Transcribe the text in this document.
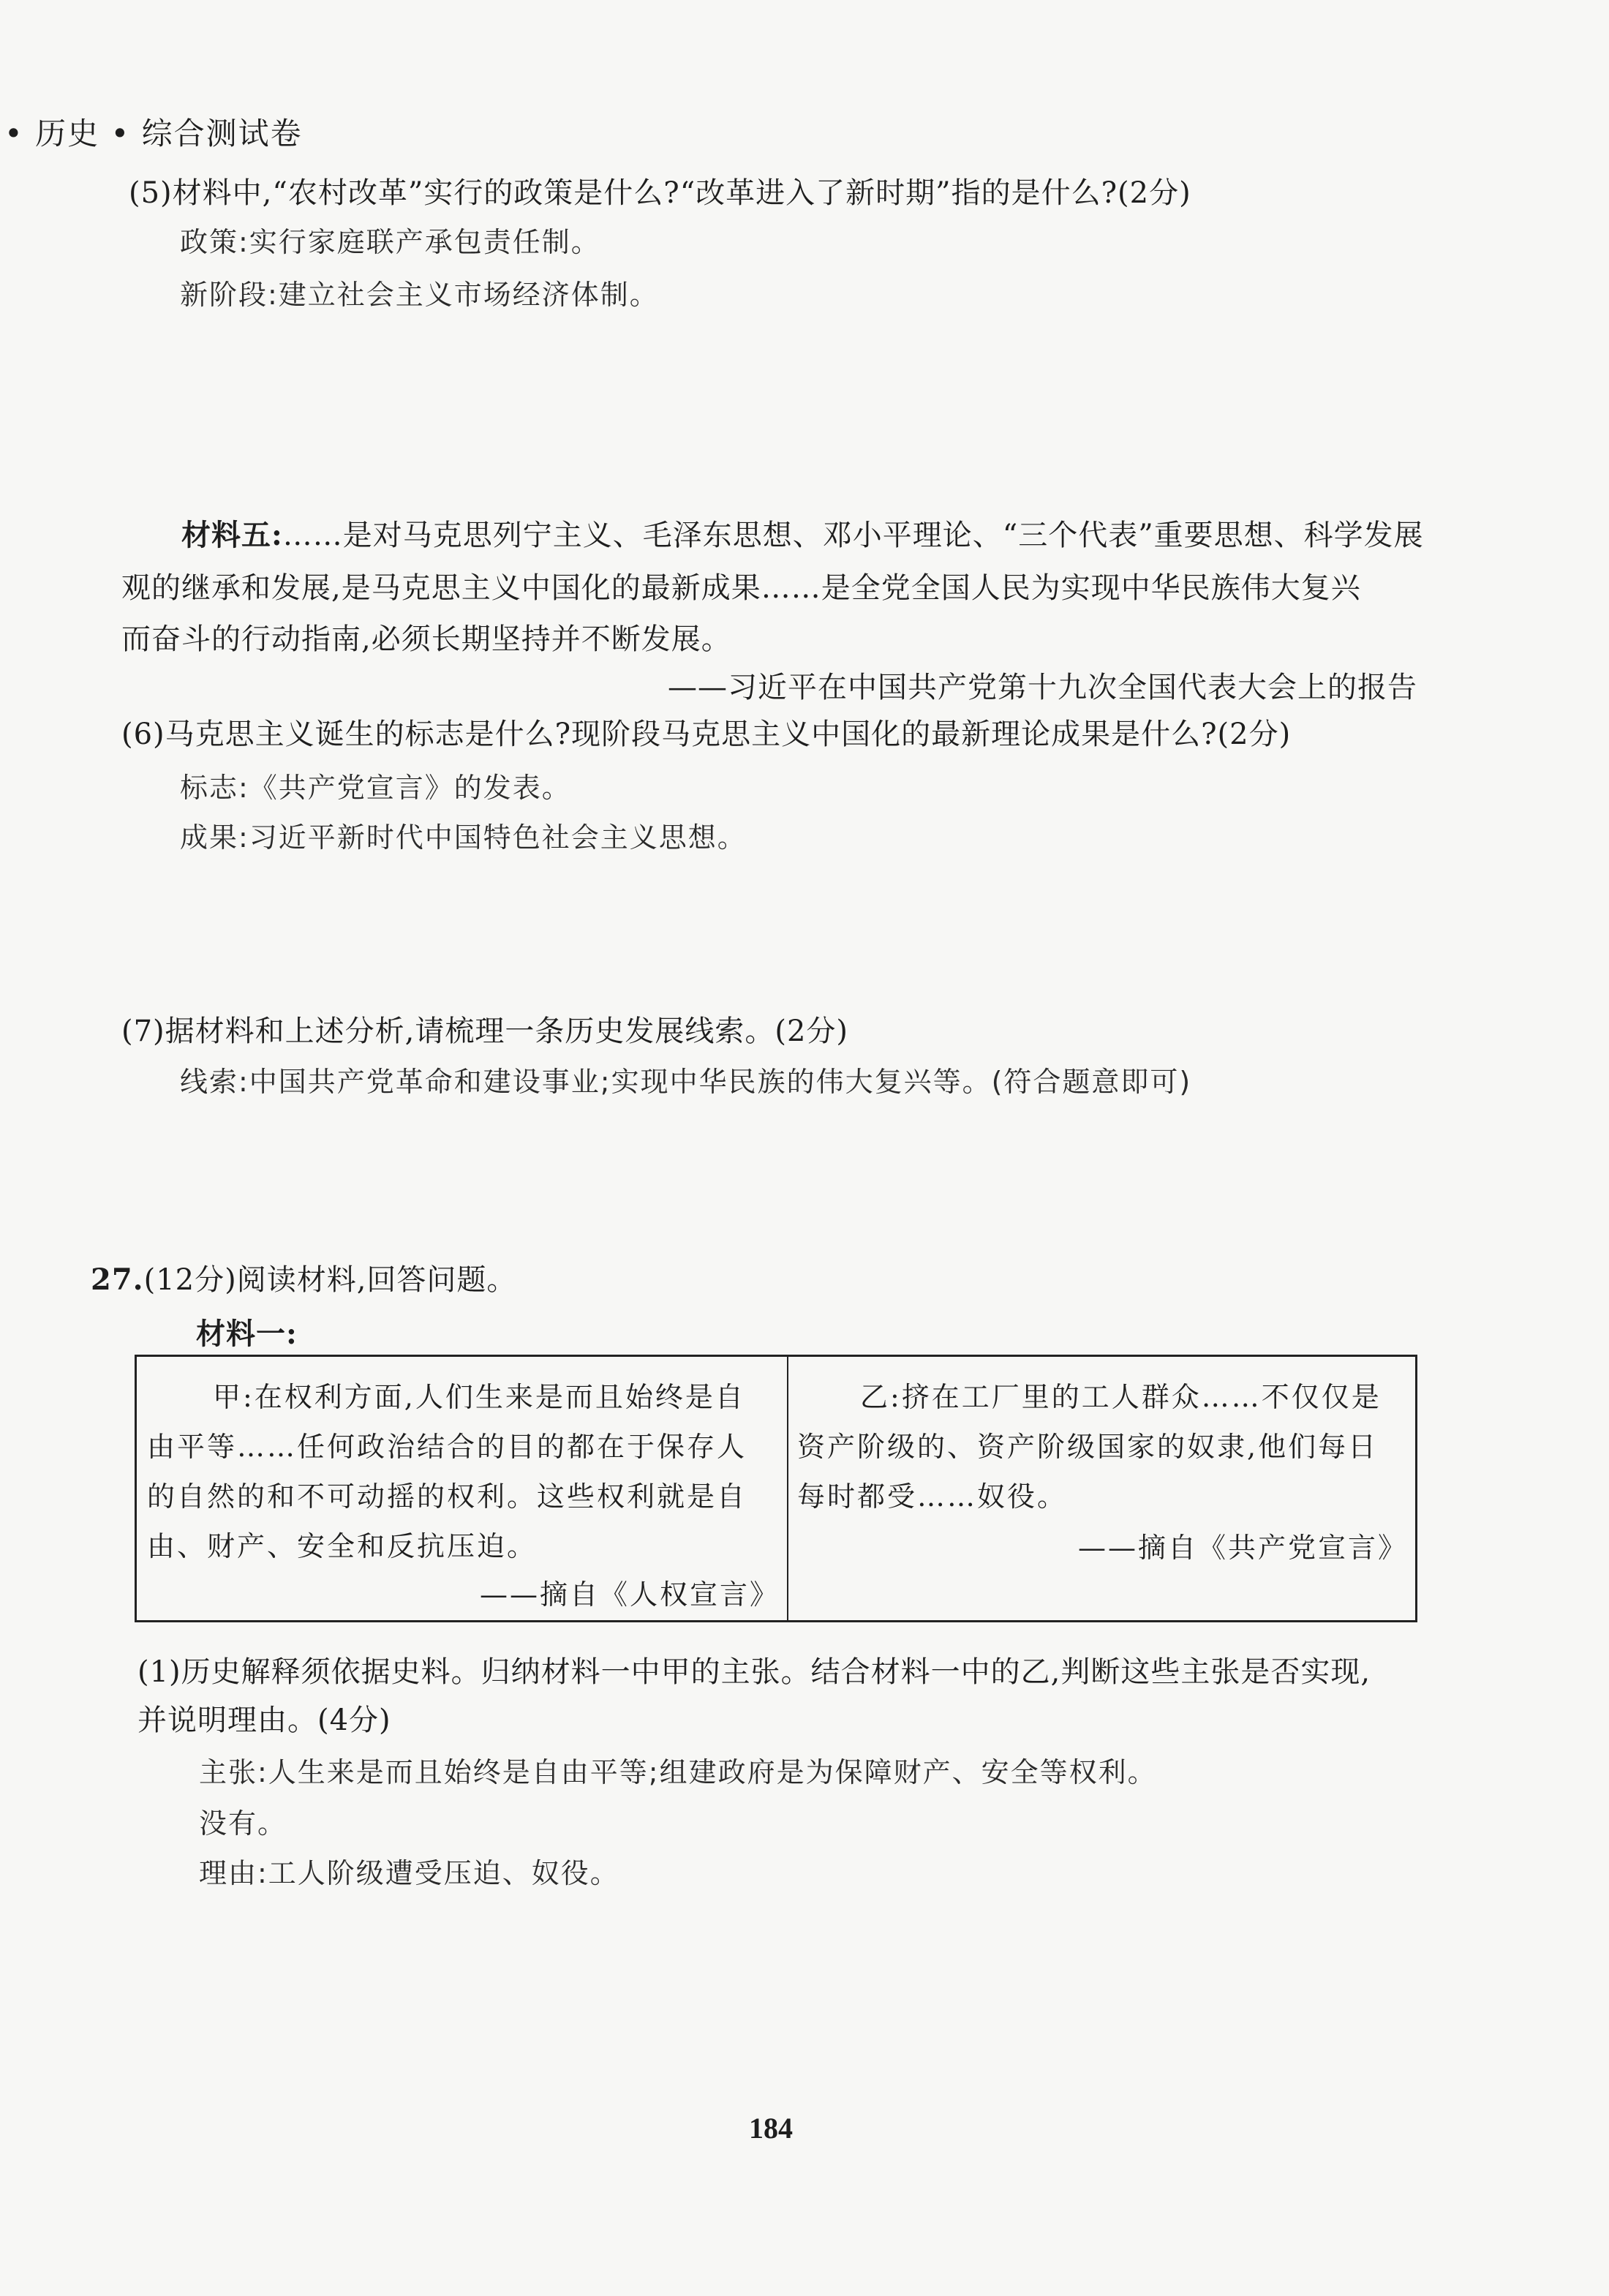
• 历史 • 综合测试卷
(5)材料中,“农村改革”实行的政策是什么?“改革进入了新时期”指的是什么?(2分)
政策:实行家庭联产承包责任制。
新阶段:建立社会主义市场经济体制。
材料五:……是对马克思列宁主义、毛泽东思想、邓小平理论、“三个代表”重要思想、科学发展
观的继承和发展,是马克思主义中国化的最新成果……是全党全国人民为实现中华民族伟大复兴
而奋斗的行动指南,必须长期坚持并不断发展。
——习近平在中国共产党第十九次全国代表大会上的报告
(6)马克思主义诞生的标志是什么?现阶段马克思主义中国化的最新理论成果是什么?(2分)
标志:《共产党宣言》的发表。
成果:习近平新时代中国特色社会主义思想。
(7)据材料和上述分析,请梳理一条历史发展线索。(2分)
线索:中国共产党革命和建设事业;实现中华民族的伟大复兴等。(符合题意即可)
27.(12分)阅读材料,回答问题。
材料一:
甲:在权利方面,人们生来是而且始终是自
由平等……任何政治结合的目的都在于保存人
的自然的和不可动摇的权利。这些权利就是自
由、财产、安全和反抗压迫。
——摘自《人权宣言》
乙:挤在工厂里的工人群众……不仅仅是
资产阶级的、资产阶级国家的奴隶,他们每日
每时都受……奴役。
——摘自《共产党宣言》
(1)历史解释须依据史料。归纳材料一中甲的主张。结合材料一中的乙,判断这些主张是否实现,
并说明理由。(4分)
主张:人生来是而且始终是自由平等;组建政府是为保障财产、安全等权利。
没有。
理由:工人阶级遭受压迫、奴役。
184
